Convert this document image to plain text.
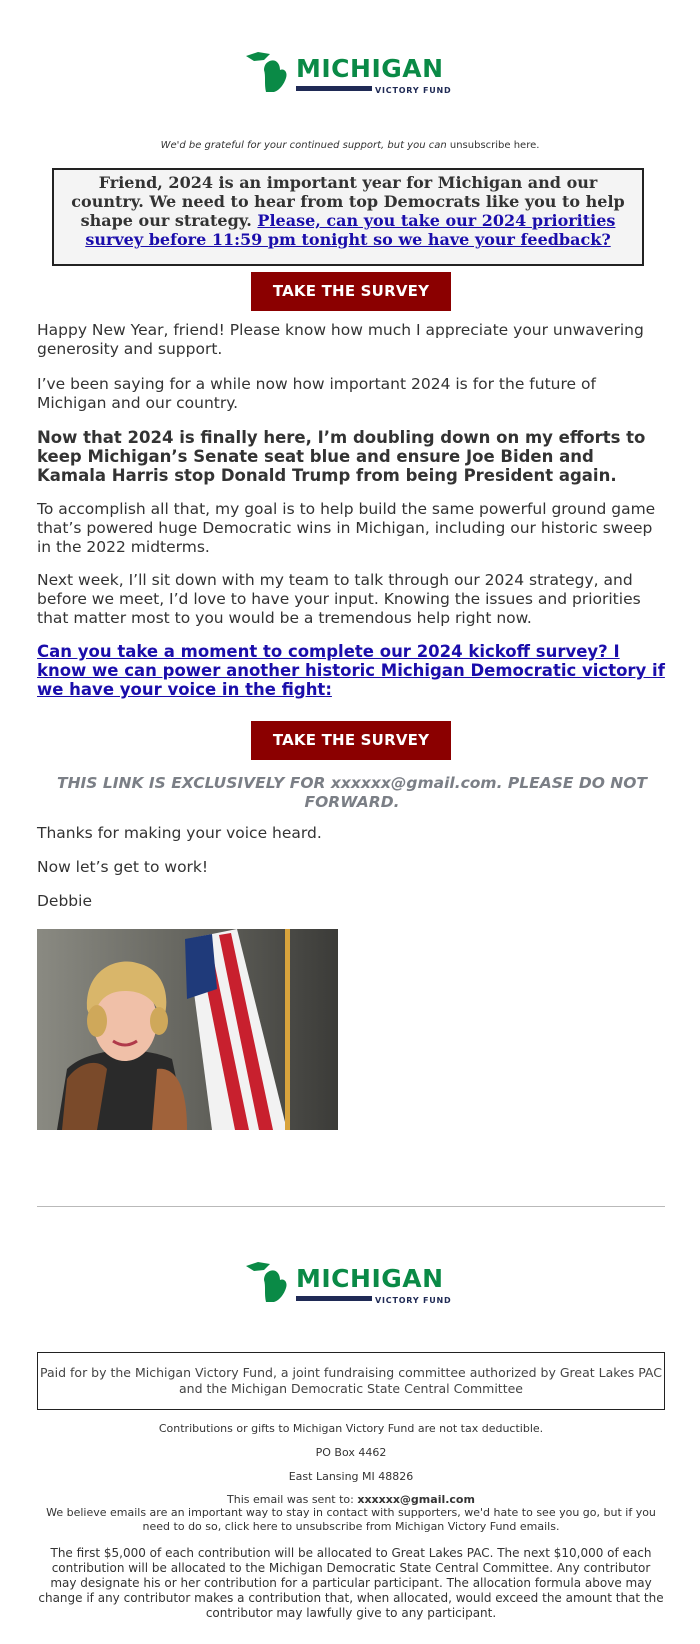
MICHIGAN
VICTORY FUND
We'd be grateful for your continued support, but you can unsubscribe here.
Friend, 2024 is an important year for Michigan and our country. We need to hear from top Democrats like you to help shape our strategy. Please, can you take our 2024 priorities survey before 11:59 pm tonight so we have your feedback?
TAKE THE SURVEY
Happy New Year, friend! Please know how much I appreciate your unwavering generosity and support.
I’ve been saying for a while now how important 2024 is for the future of Michigan and our country.
Now that 2024 is finally here, I’m doubling down on my efforts to keep Michigan’s Senate seat blue and ensure Joe Biden and Kamala Harris stop Donald Trump from being President again.
To accomplish all that, my goal is to help build the same powerful ground game that’s powered huge Democratic wins in Michigan, including our historic sweep in the 2022 midterms.
Next week, I’ll sit down with my team to talk through our 2024 strategy, and before we meet, I’d love to have your input. Knowing the issues and priorities that matter most to you would be a tremendous help right now.
Can you take a moment to complete our 2024 kickoff survey? I know we can power another historic Michigan Democratic victory if we have your voice in the fight:
TAKE THE SURVEY
THIS LINK IS EXCLUSIVELY FOR xxxxxx@gmail.com. PLEASE DO NOT FORWARD.
Thanks for making your voice heard.
Now let’s get to work!
Debbie
MICHIGAN
VICTORY FUND
Paid for by the Michigan Victory Fund, a joint fundraising committee authorized by Great Lakes PAC and the Michigan Democratic State Central Committee
Contributions or gifts to Michigan Victory Fund are not tax deductible.
PO Box 4462
East Lansing MI 48826
This email was sent to: xxxxxx@gmail.com
We believe emails are an important way to stay in contact with supporters, we'd hate to see you go, but if you need to do so, click here to unsubscribe from Michigan Victory Fund emails.
The first $5,000 of each contribution will be allocated to Great Lakes PAC. The next $10,000 of each contribution will be allocated to the Michigan Democratic State Central Committee. Any contributor may designate his or her contribution for a particular participant. The allocation formula above may change if any contributor makes a contribution that, when allocated, would exceed the amount that the contributor may lawfully give to any participant.
